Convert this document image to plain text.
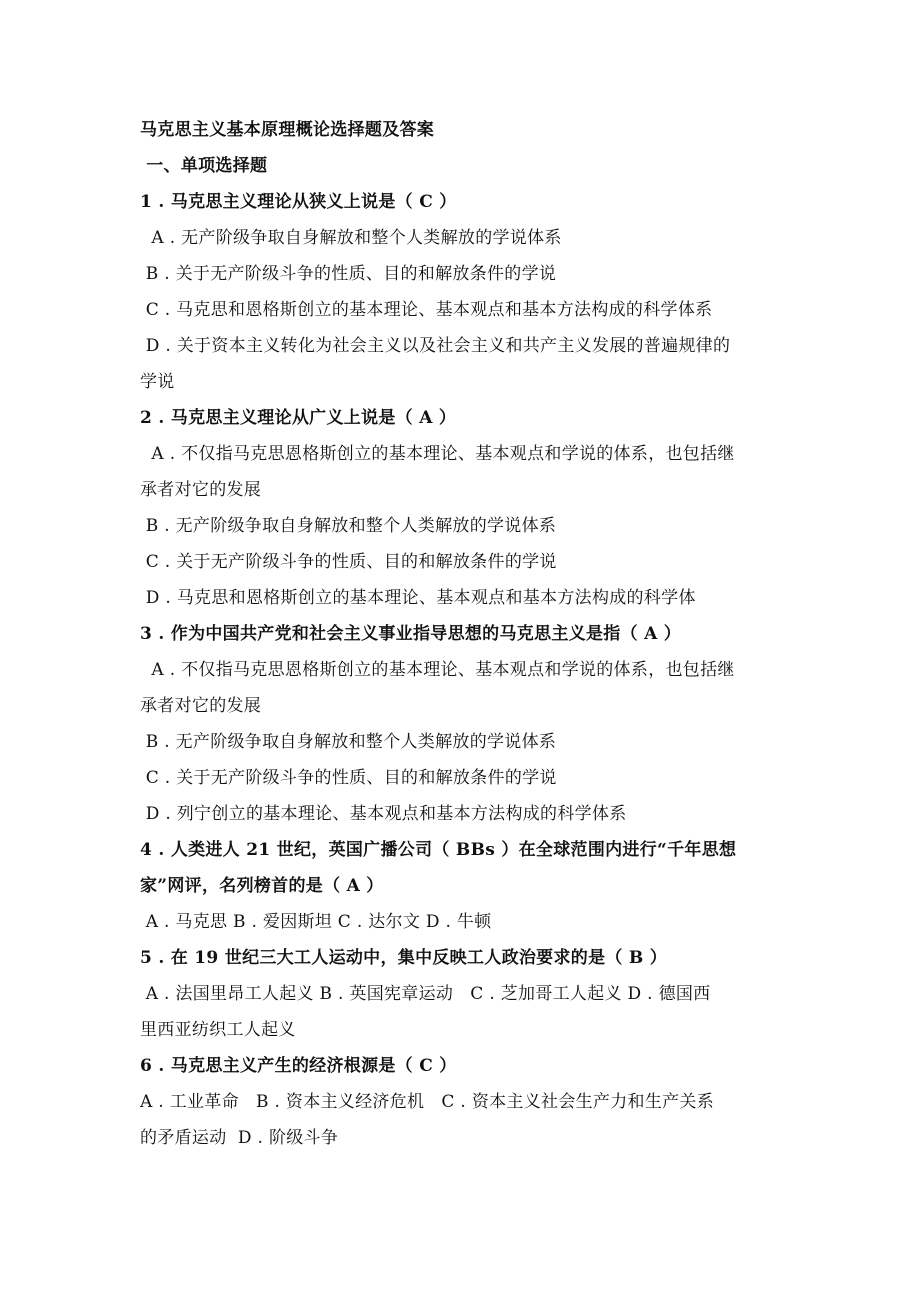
马克思主义基本原理概论选择题及答案
一、单项选择题
1 . 马克思主义理论从狭义上说是（ C ）
A . 无产阶级争取自身解放和整个人类解放的学说体系
B . 关于无产阶级斗争的性质、目的和解放条件的学说
C . 马克思和恩格斯创立的基本理论、基本观点和基本方法构成的科学体系
D . 关于资本主义转化为社会主义以及社会主义和共产主义发展的普遍规律的
学说
2 . 马克思主义理论从广义上说是（ A ）
A . 不仅指马克思恩格斯创立的基本理论、基本观点和学说的体系，也包括继
承者对它的发展
B . 无产阶级争取自身解放和整个人类解放的学说体系
C . 关于无产阶级斗争的性质、目的和解放条件的学说
D . 马克思和恩格斯创立的基本理论、基本观点和基本方法构成的科学体
3 . 作为中国共产党和社会主义事业指导思想的马克思主义是指（ A ）
A . 不仅指马克思恩格斯创立的基本理论、基本观点和学说的体系，也包括继
承者对它的发展
B . 无产阶级争取自身解放和整个人类解放的学说体系
C . 关于无产阶级斗争的性质、目的和解放条件的学说
D . 列宁创立的基本理论、基本观点和基本方法构成的科学体系
4 . 人类进人 21 世纪，英国广播公司（ BBs ）在全球范围内进行“千年思想
家”网评，名列榜首的是（ A ）
A . 马克思 B . 爱因斯坦 C . 达尔文 D . 牛顿
5 . 在 19 世纪三大工人运动中，集中反映工人政治要求的是（ B ）
A . 法国里昂工人起义 B . 英国宪章运动   C . 芝加哥工人起义 D . 德国西
里西亚纺织工人起义
6 . 马克思主义产生的经济根源是（ C ）
A . 工业革命   B . 资本主义经济危机   C . 资本主义社会生产力和生产关系
的矛盾运动  D . 阶级斗争
